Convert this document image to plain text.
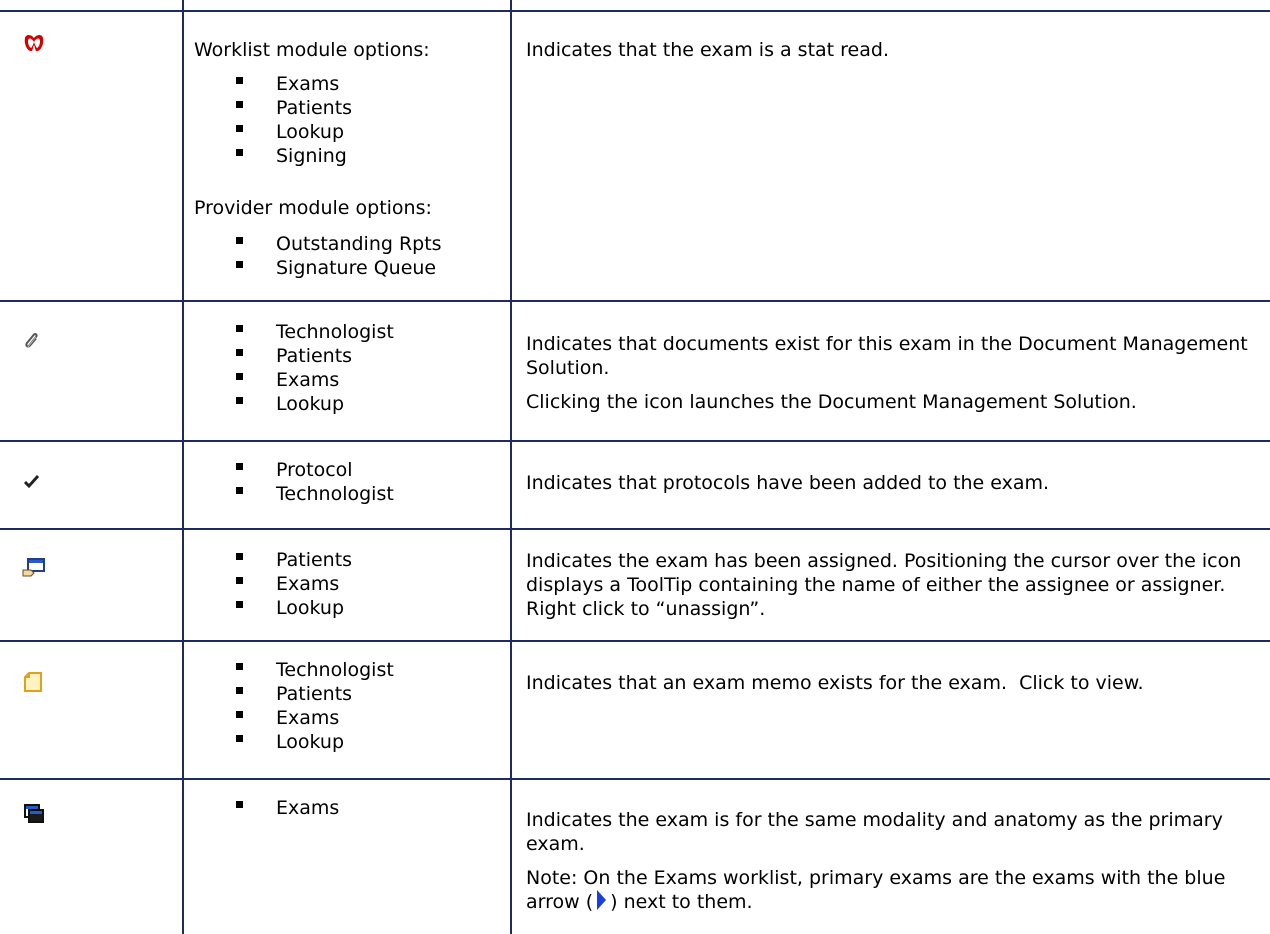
Worklist module options:
Exams
Patients
Lookup
Signing
Provider module options:
Outstanding Rpts
Signature Queue

Indicates that the exam is a stat read.

Technologist
Patients
Exams
Lookup

Indicates that documents exist for this exam in the Document Management Solution.

Clicking the icon launches the Document Management Solution.

Protocol
Technologist	Indicates that protocols have been added to the exam.

Patients
Exams
Lookup

Indicates the exam has been assigned. Positioning the cursor over the icon displays a ToolTip containing the name of either the assignee or assigner. Right click to “unassign”.

Technologist
Patients
Exams
Lookup

Indicates that an exam memo exists for the exam.  Click to view.

Exams

Indicates the exam is for the same modality and anatomy as the primary exam.

Note: On the Exams worklist, primary exams are the exams with the blue arrow ( ) next to them.
